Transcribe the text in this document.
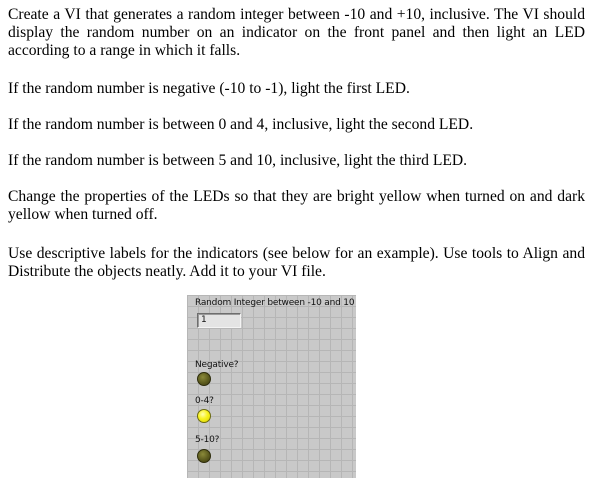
Create a VI that generates a random integer between -10 and +10, inclusive. The VI should display the random number on an indicator on the front panel and then light an LED according to a range in which it falls.

If the random number is negative (-10 to -1), light the first LED.

If the random number is between 0 and 4, inclusive, light the second LED.

If the random number is between 5 and 10, inclusive, light the third LED.

Change the properties of the LEDs so that they are bright yellow when turned on and dark yellow when turned off.

Use descriptive labels for the indicators (see below for an example). Use tools to Align and Distribute the objects neatly. Add it to your VI file.

Random Integer between -10 and 10
1
Negative?
0-4?
5-10?
